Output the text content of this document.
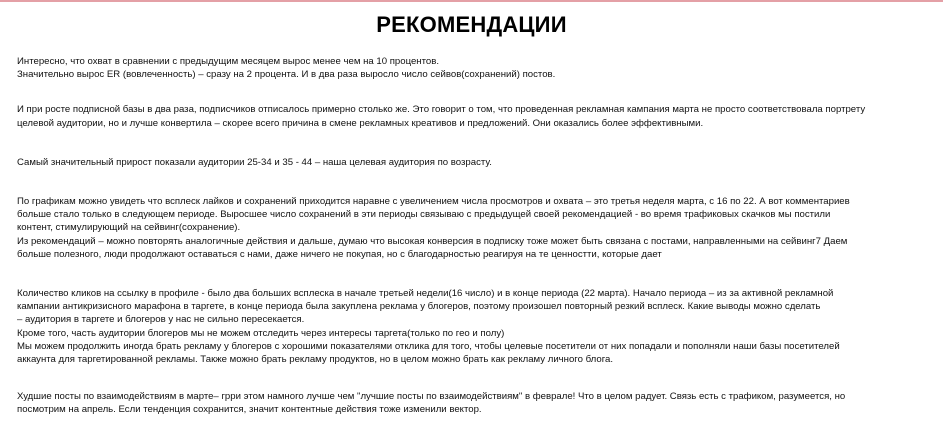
РЕКОМЕНДАЦИИ
Интересно, что охват в сравнении с предыдущим месяцем вырос менее чем на 10 процентов.
Значительно вырос ER (вовлеченность) – сразу на 2 процента. И в два раза выросло число сейвов(сохранений) постов.
И при росте подписной базы в два раза, подписчиков отписалось примерно столько же. Это говорит о том, что проведенная рекламная кампания марта не просто соответствовала портрету
целевой аудитории, но и лучше конвертила – скорее всего причина в смене рекламных креативов и предложений. Они оказались более эффективными.
Самый значительный прирост показали аудитории 25-34 и 35 - 44 – наша целевая аудитория по возрасту.
По графикам можно увидеть что всплеск лайков и сохранений приходится наравне с увеличением числа просмотров и охвата – это третья неделя марта, с 16 по 22. А вот комментариев
больше стало только в следующем периоде. Выросшее число сохранений в эти периоды связываю с предыдущей своей рекомендацией - во время трафиковых скачков мы постили
контент, стимулирующий на сейвинг(сохранение).
Из рекомендаций – можно повторять аналогичные действия и дальше, думаю что высокая конверсия в подписку тоже может быть связана с постами, направленными на сейвинг7 Даем
больше полезного, люди продолжают оставаться с нами, даже ничего не покупая, но с благодарностью реагируя на те ценностти, которые дает
Количество кликов на ссылку в профиле - было два больших всплеска в начале третьей недели(16 число) и в конце периода (22 марта). Начало периода – из за активной рекламной
кампании антикризисного марафона в таргете, в конце периода была закуплена реклама у блогеров, поэтому произошел повторный резкий всплеск. Какие выводы можно сделать
– аудитория в таргете и блогеров у нас не сильно пересекается.
Кроме того, часть аудитории блогеров мы не можем отследить через интересы таргета(только по гео и полу)
Мы можем продолжить иногда брать рекламу у блогеров с хорошими показателями отклика для того, чтобы целевые посетители от них попадали и пополняли наши базы посетителей
аккаунта для таргетированной рекламы. Также можно брать рекламу продуктов, но в целом можно брать как рекламу личного блога.
Худшие посты по взаимодействиям в марте– грри этом намного лучше чем "лучшие посты по взаимодействиям" в феврале! Что в целом радует. Связь есть с трафиком, разумеется, но
посмотрим на апрель. Если тенденция сохранится, значит контентные действия тоже изменили вектор.
